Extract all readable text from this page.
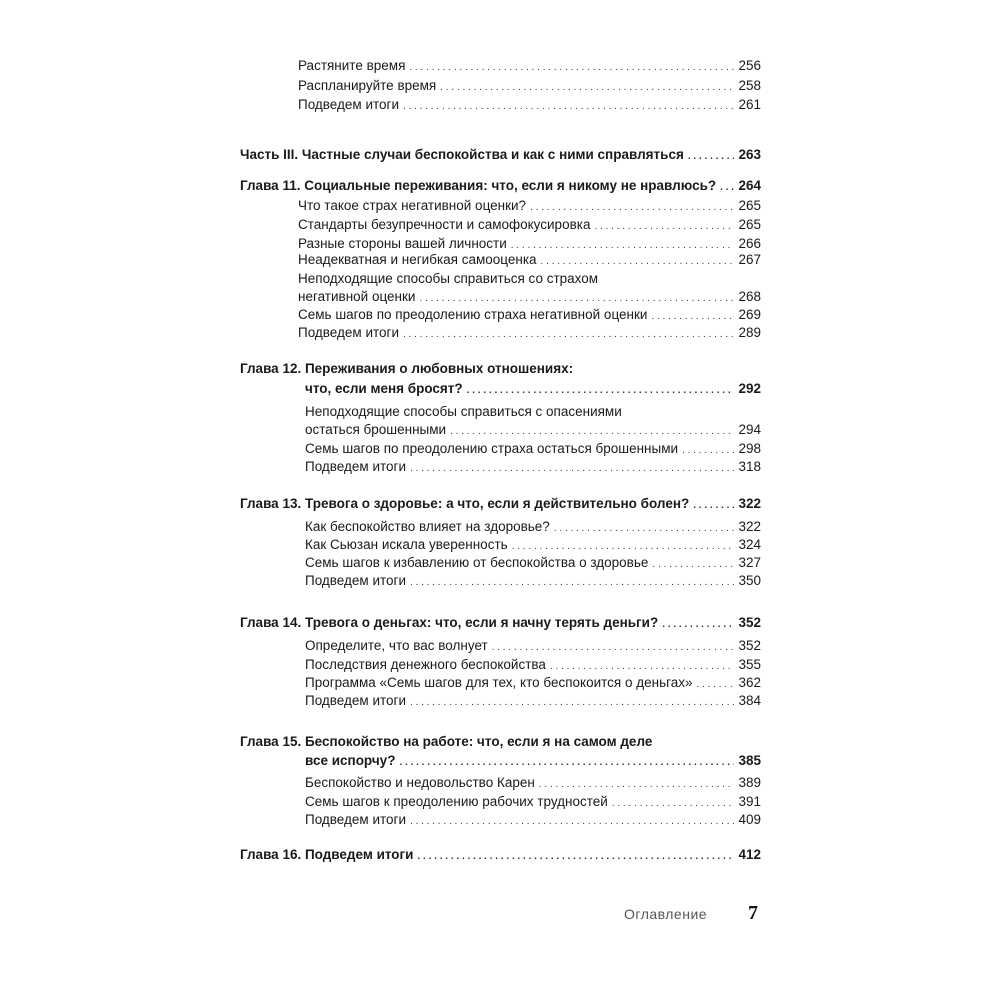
Растяните время . . .	256
Распланируйте время . . .	258
Подведем итоги . . .	261
Часть III. Частные случаи беспокойства и как с ними справляться . . .	263
Глава 11. Социальные переживания: что, если я никому не нравлюсь? . . . 264
Что такое страх негативной оценки? . . .	265
Стандарты безупречности и самофокусировка . . .	265
Разные стороны вашей личности . . .	266
Неадекватная и негибкая самооценка . . .	267
Неподходящие способы справиться со страхом
негативной оценки . . .	268
Семь шагов по преодолению страха негативной оценки . . .	269
Подведем итоги . . .	289
Глава 12. Переживания о любовных отношениях:
что, если меня бросят? . . .	292
Неподходящие способы справиться с опасениями
остаться брошенными . . .	294
Семь шагов по преодолению страха остаться брошенными . . .	298
Подведем итоги . . .	318
Глава 13. Тревога о здоровье: а что, если я действительно болен? . . .	322
Как беспокойство влияет на здоровье? . . .	322
Как Сьюзан искала уверенность . . .	324
Семь шагов к избавлению от беспокойства о здоровье . . .	327
Подведем итоги . . .	350
Глава 14. Тревога о деньгах: что, если я начну терять деньги? . . .	352
Определите, что вас волнует . . .	352
Последствия денежного беспокойства . . .	355
Программа «Семь шагов для тех, кто беспокоится о деньгах» . . .	362
Подведем итоги . . .	384
Глава 15. Беспокойство на работе: что, если я на самом деле
все испорчу? . . .	385
Беспокойство и недовольство Карен . . .	389
Семь шагов к преодолению рабочих трудностей . . .	391
Подведем итоги . . .	409
Глава 16. Подведем итоги . . .	412
Оглавление 7
